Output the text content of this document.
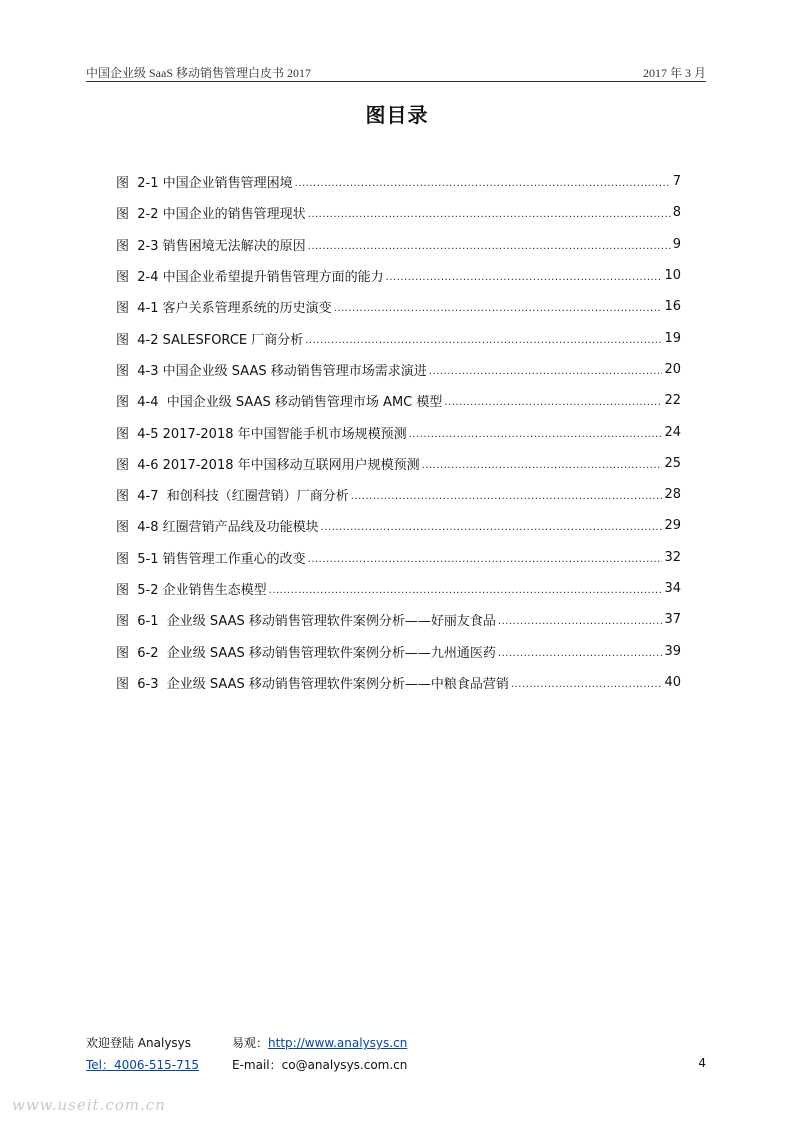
中国企业级 SaaS 移动销售管理白皮书 2017	2017 年 3 月
图目录
图  2-1 中国企业销售管理困境 .....	7
图  2-2 中国企业的销售管理现状 .....	8
图  2-3 销售困境无法解决的原因 .....	9
图  2-4 中国企业希望提升销售管理方面的能力 .....	10
图  4-1 客户关系管理系统的历史演变 .....	16
图  4-2 SALESFORCE 厂商分析 .....	19
图  4-3 中国企业级 SAAS 移动销售管理市场需求演进 .....	20
图  4-4  中国企业级 SAAS 移动销售管理市场 AMC 模型 .....	22
图  4-5 2017-2018 年中国智能手机市场规模预测 .....	24
图  4-6 2017-2018 年中国移动互联网用户规模预测 .....	25
图  4-7  和创科技（红圈营销）厂商分析 .....	28
图  4-8 红圈营销产品线及功能模块 .....	29
图  5-1 销售管理工作重心的改变 .....	32
图  5-2 企业销售生态模型 .....	34
图  6-1  企业级 SAAS 移动销售管理软件案例分析——好丽友食品 .....	37
图  6-2  企业级 SAAS 移动销售管理软件案例分析——九州通医药 .....	39
图  6-3  企业级 SAAS 移动销售管理软件案例分析——中粮食品营销 .....	40
欢迎登陆 Analysys	易观：http://www.analysys.cn
Tel：4006-515-715	E-mail：co@analysys.com.cn	4
www.useit.com.cn
